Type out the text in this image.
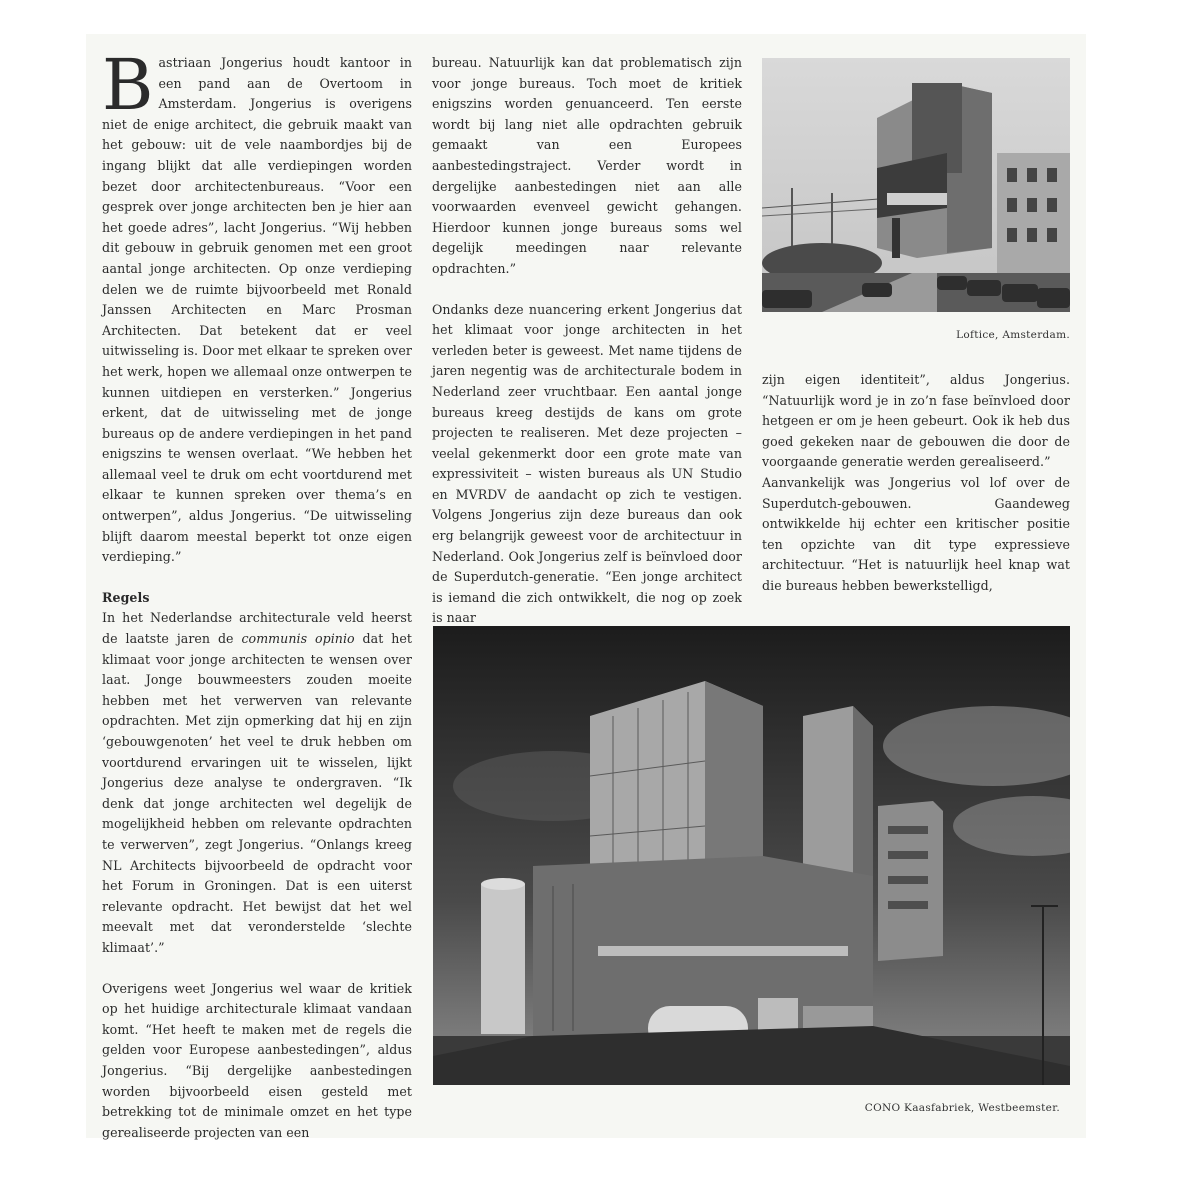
Bastriaan Jongerius houdt kantoor in een pand aan de Overtoom in Amsterdam. Jongerius is overigens niet de enige architect, die gebruik maakt van het gebouw: uit de vele naambordjes bij de ingang blijkt dat alle verdiepingen worden bezet door architectenbureaus. “Voor een gesprek over jonge architecten ben je hier aan het goede adres”, lacht Jongerius. “Wij hebben dit gebouw in gebruik genomen met een groot aantal jonge architecten. Op onze verdieping delen we de ruimte bijvoorbeeld met Ronald Janssen Architecten en Marc Prosman Architecten. Dat betekent dat er veel uitwisseling is. Door met elkaar te spreken over het werk, hopen we allemaal onze ontwerpen te kunnen uitdiepen en versterken.” Jongerius erkent, dat de uitwisseling met de jonge bureaus op de andere verdiepingen in het pand enigszins te wensen overlaat. “We hebben het allemaal veel te druk om echt voortdurend met elkaar te kunnen spreken over thema’s en ontwerpen”, aldus Jongerius. “De uitwisseling blijft daarom meestal beperkt tot onze eigen verdieping.”

Regels

In het Nederlandse architecturale veld heerst de laatste jaren de communis opinio dat het klimaat voor jonge architecten te wensen over laat. Jonge bouwmeesters zouden moeite hebben met het verwerven van relevante opdrachten. Met zijn opmerking dat hij en zijn ‘gebouwgenoten’ het veel te druk hebben om voortdurend ervaringen uit te wisselen, lijkt Jongerius deze analyse te ondergraven. “Ik denk dat jonge architecten wel degelijk de mogelijkheid hebben om relevante opdrachten te verwerven”, zegt Jongerius. “Onlangs kreeg NL Architects bijvoorbeeld de opdracht voor het Forum in Groningen. Dat is een uiterst relevante opdracht. Het bewijst dat het wel meevalt met dat veronderstelde ‘slechte klimaat’.”

Overigens weet Jongerius wel waar de kritiek op het huidige architecturale klimaat vandaan komt. “Het heeft te maken met de regels die gelden voor Europese aanbestedingen”, aldus Jongerius. “Bij dergelijke aanbestedingen worden bijvoorbeeld eisen gesteld met betrekking tot de minimale omzet en het type gerealiseerde projecten van een

bureau. Natuurlijk kan dat problematisch zijn voor jonge bureaus. Toch moet de kritiek enigszins worden genuanceerd. Ten eerste wordt bij lang niet alle opdrachten gebruik gemaakt van een Europees aanbestedingstraject. Verder wordt in dergelijke aanbestedingen niet aan alle voorwaarden evenveel gewicht gehangen. Hierdoor kunnen jonge bureaus soms wel degelijk meedingen naar relevante opdrachten.”

Ondanks deze nuancering erkent Jongerius dat het klimaat voor jonge architecten in het verleden beter is geweest. Met name tijdens de jaren negentig was de architecturale bodem in Nederland zeer vruchtbaar. Een aantal jonge bureaus kreeg destijds de kans om grote projecten te realiseren. Met deze projecten – veelal gekenmerkt door een grote mate van expressiviteit – wisten bureaus als UN Studio en MVRDV de aandacht op zich te vestigen. Volgens Jongerius zijn deze bureaus dan ook erg belangrijk geweest voor de architectuur in Nederland. Ook Jongerius zelf is beïnvloed door de Superdutch-generatie. “Een jonge architect is iemand die zich ontwikkelt, die nog op zoek is naar

zijn eigen identiteit”, aldus Jongerius. “Natuurlijk word je in zo’n fase beïnvloed door hetgeen er om je heen gebeurt. Ook ik heb dus goed gekeken naar de gebouwen die door de voorgaande generatie werden gerealiseerd.”

Aanvankelijk was Jongerius vol lof over de Superdutch-gebouwen. Gaandeweg ontwikkelde hij echter een kritischer positie ten opzichte van dit type expressieve architectuur. “Het is natuurlijk heel knap wat die bureaus hebben bewerkstelligd,

Loftice, Amsterdam.
CONO Kaasfabriek, Westbeemster.
